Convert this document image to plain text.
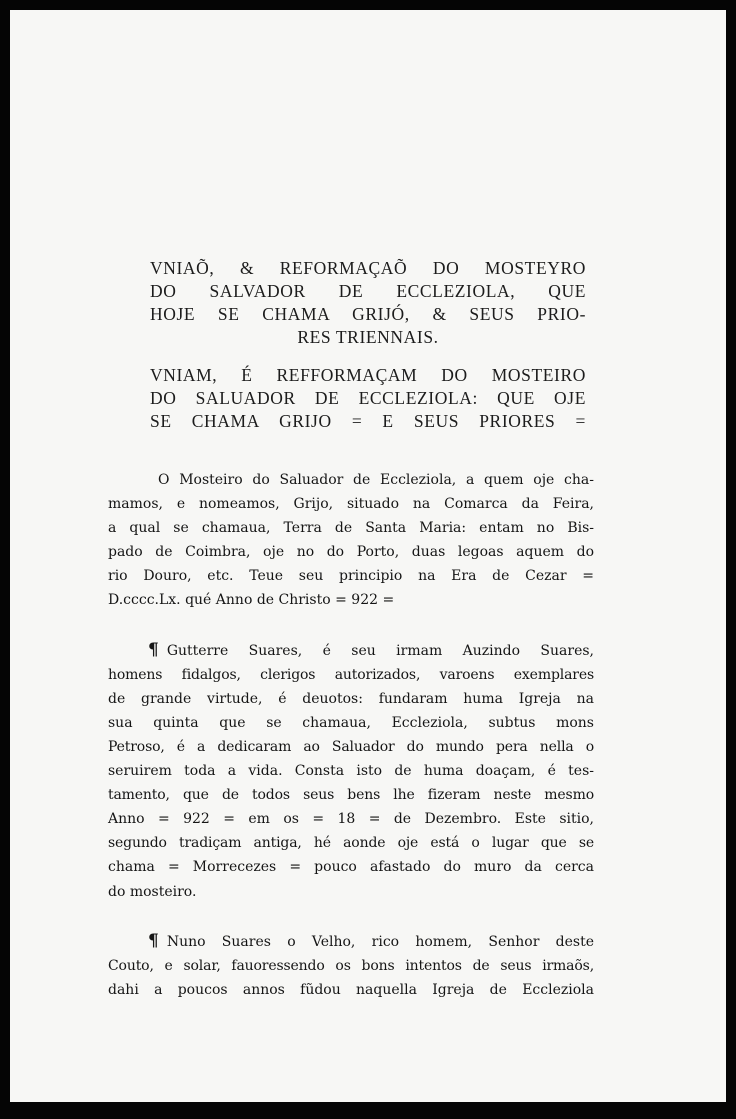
VNIAÕ, & REFORMAÇAÕ DO MOSTEYRO

DO SALVADOR DE ECCLEZIOLA, QUE

HOJE SE CHAMA GRIJÓ, & SEUS PRIO-

RES TRIENNAIS.

VNIAM, É REFFORMAÇAM DO MOSTEIRO

DO SALUADOR DE ECCLEZIOLA: QUE OJE

SE CHAMA GRIJO = E SEUS PRIORES =

O Mosteiro do Saluador de Eccleziola, a quem oje cha-
mamos, e nomeamos, Grijo, situado na Comarca da Feira,
a qual se chamaua, Terra de Santa Maria: entam no Bis-
pado de Coimbra, oje no do Porto, duas legoas aquem do
rio Douro, etc. Teue seu principio na Era de Cezar =
D.cccc.Lx. qué Anno de Christo = 922 =
¶ Gutterre Suares, é seu irmam Auzindo Suares,
homens fidalgos, clerigos autorizados, varoens exemplares
de grande virtude, é deuotos: fundaram huma Igreja na
sua quinta que se chamaua, Eccleziola, subtus mons
Petroso, é a dedicaram ao Saluador do mundo pera nella o
seruirem toda a vida. Consta isto de huma doaçam, é tes-
tamento, que de todos seus bens lhe fizeram neste mesmo
Anno = 922 = em os = 18 = de Dezembro. Este sitio,
segundo tradiçam antiga, hé aonde oje está o lugar que se
chama = Morrecezes = pouco afastado do muro da cerca
do mosteiro.
¶ Nuno Suares o Velho, rico homem, Senhor deste
Couto, e solar, fauoressendo os bons intentos de seus irmaõs,
dahi a poucos annos fũdou naquella Igreja de Eccleziola
